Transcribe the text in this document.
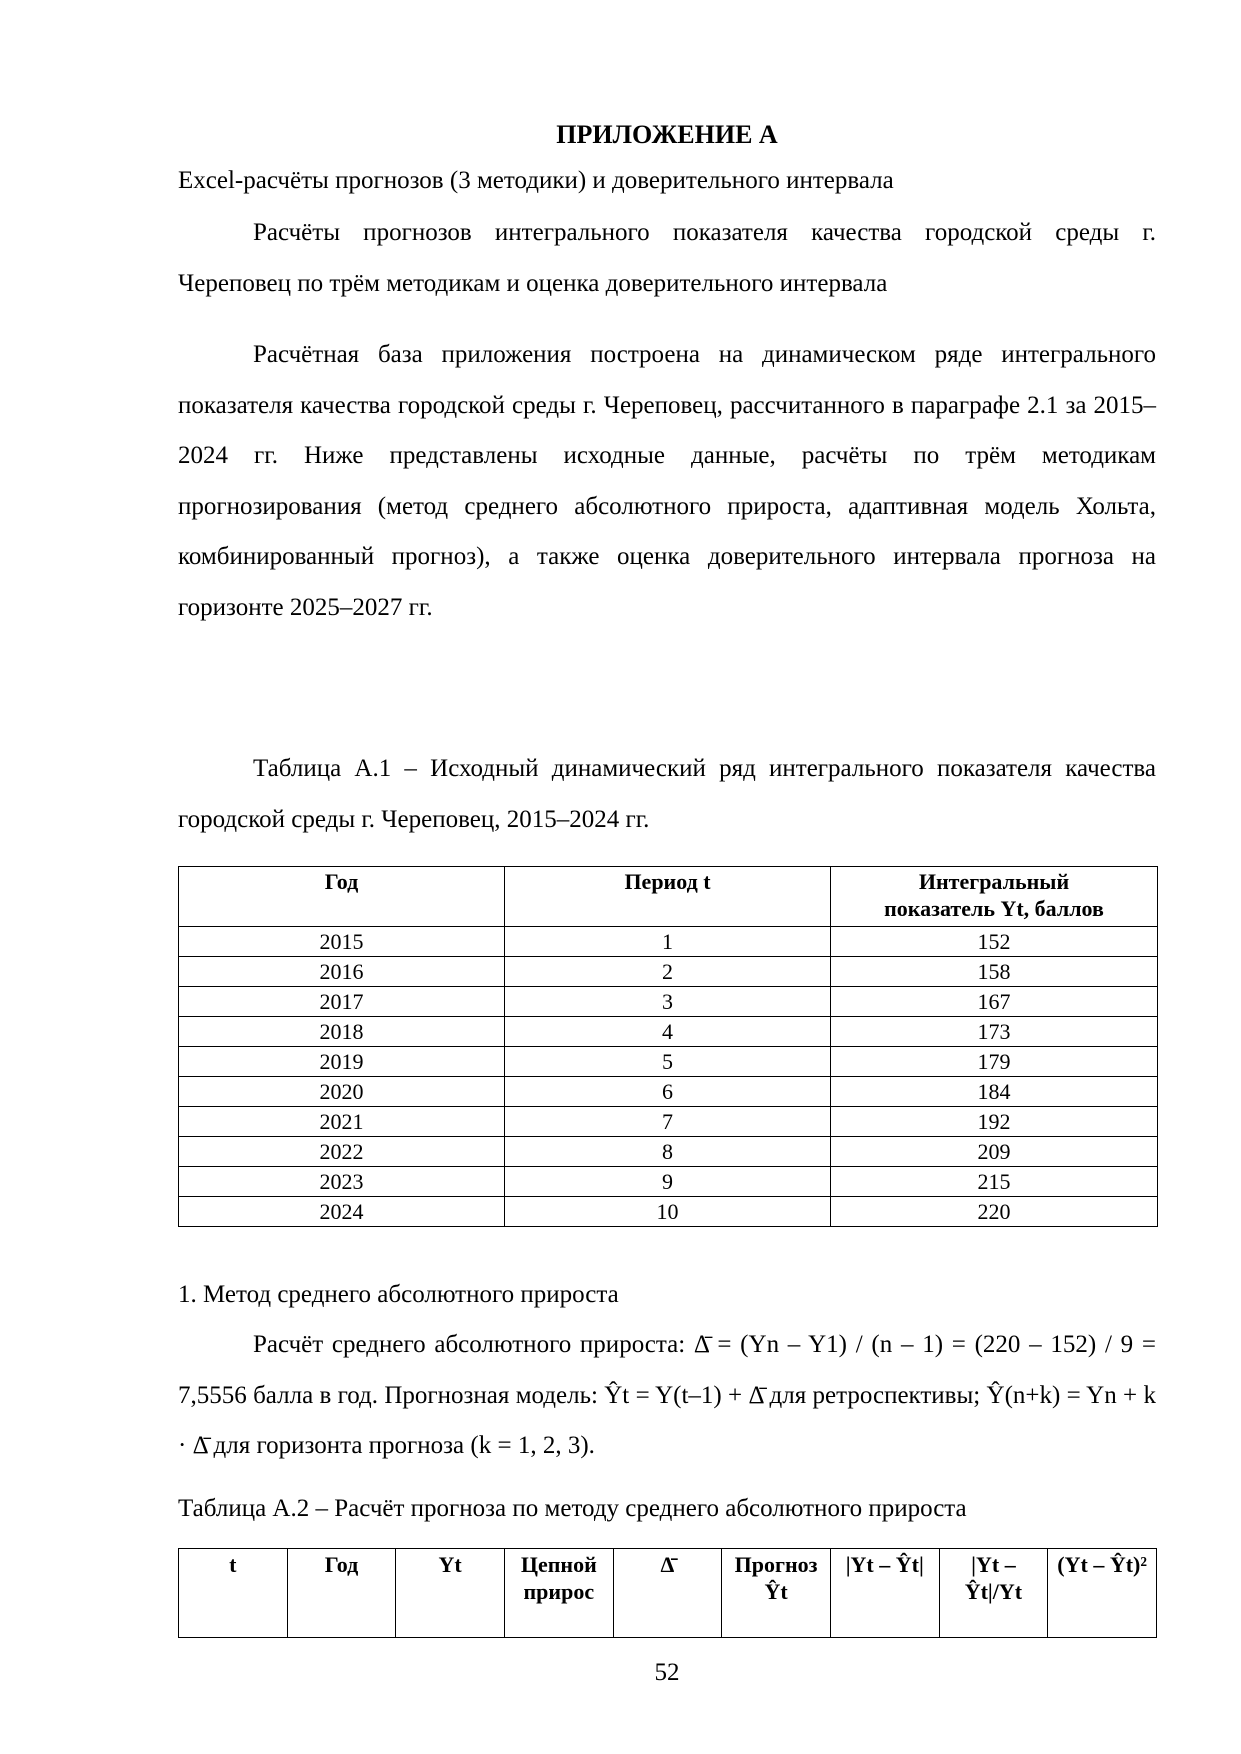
ПРИЛОЖЕНИЕ А
Excel-расчёты прогнозов (3 методики) и доверительного интервала

Расчёты прогнозов интегрального показателя качества городской среды г. Череповец по трём методикам и оценка доверительного интервала

Расчётная база приложения построена на динамическом ряде интегрального показателя качества городской среды г. Череповец, рассчитанного в параграфе 2.1 за 2015–2024 гг. Ниже представлены исходные данные, расчёты по трём методикам прогнозирования (метод среднего абсолютного прироста, адаптивная модель Хольта, комбинированный прогноз), а также оценка доверительного интервала прогноза на горизонте 2025–2027 гг.

Таблица А.1 – Исходный динамический ряд интегрального показателя качества городской среды г. Череповец, 2015–2024 гг.

Год	Период t	Интегральный показатель Yt, баллов
2015	1	152
2016	2	158
2017	3	167
2018	4	173
2019	5	179
2020	6	184
2021	7	192
2022	8	209
2023	9	215
2024	10	220
1. Метод среднего абсолютного прироста

Расчёт среднего абсолютного прироста: Δ̄ = (Yn – Y1) / (n – 1) = (220 – 152) / 9 = 7,5556 балла в год. Прогнозная модель: Ŷt = Y(t–1) + Δ̄ для ретроспективы; Ŷ(n+k) = Yn + k · Δ̄ для горизонта прогноза (k = 1, 2, 3).

Таблица А.2 – Расчёт прогноза по методу среднего абсолютного прироста
t	Год	Yt	Цепной прирос	Δ̄	Прогноз Ŷt	|Yt – Ŷt|	|Yt – Ŷt|/Yt	(Yt – Ŷt)²
52
